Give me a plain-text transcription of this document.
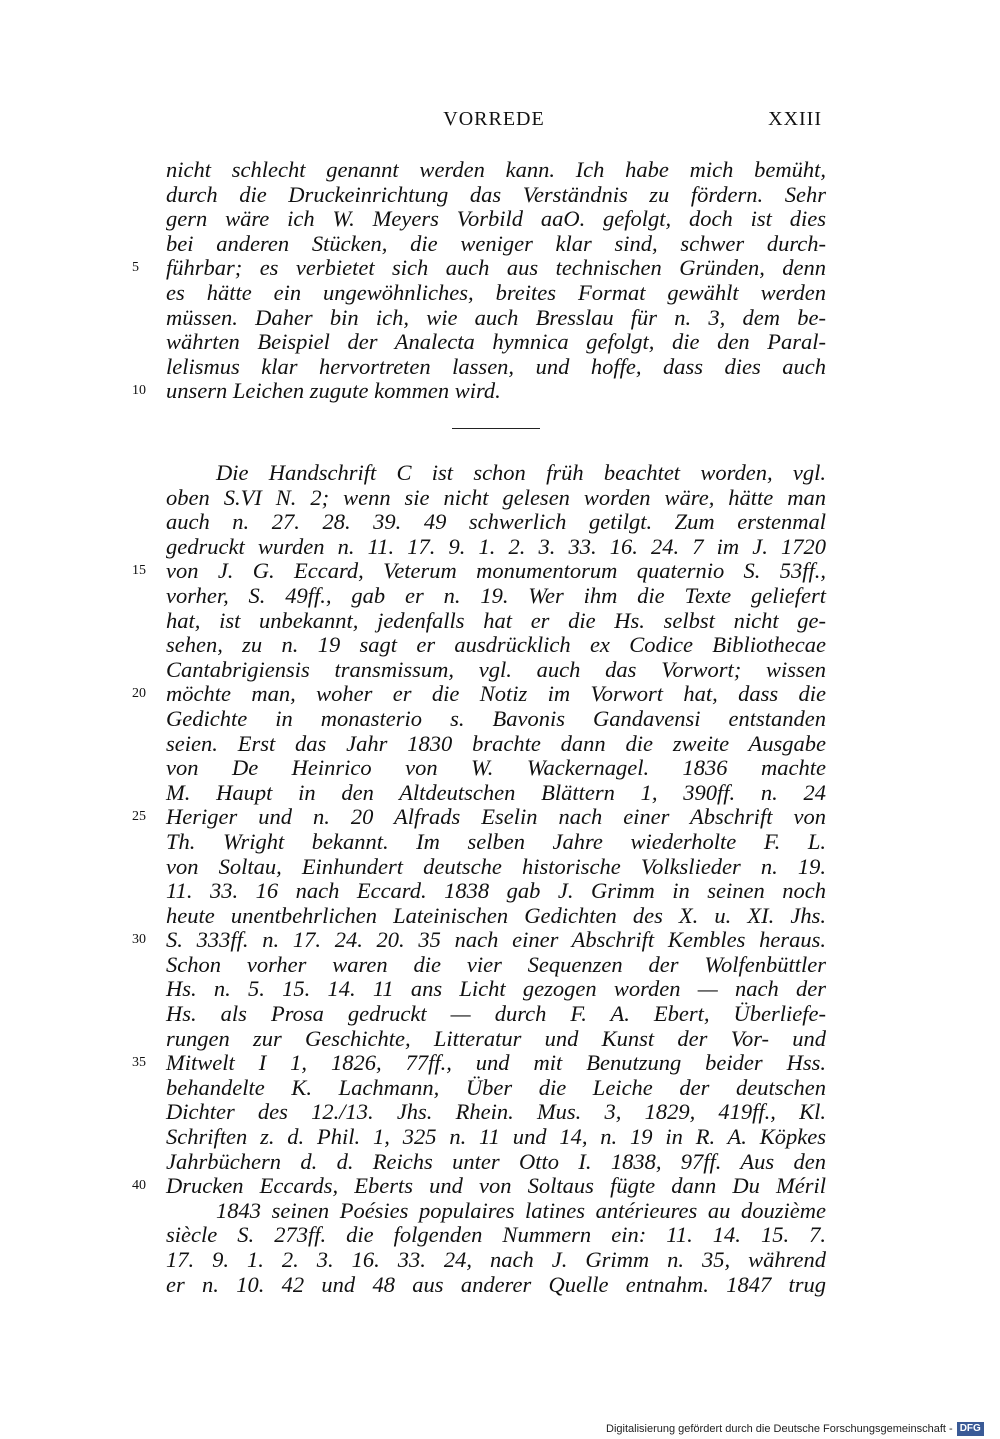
VORREDE	XXIII
nicht schlecht genannt werden kann. Ich habe mich bemüht,
durch die Druckeinrichtung das Verständnis zu fördern. Sehr
gern wäre ich W. Meyers Vorbild aaO. gefolgt, doch ist dies
bei anderen Stücken, die weniger klar sind, schwer durch-
führbar; es verbietet sich auch aus technischen Gründen, denn
5
es hätte ein ungewöhnliches, breites Format gewählt werden
müssen. Daher bin ich, wie auch Bresslau für n. 3, dem be-
währten Beispiel der Analecta hymnica gefolgt, die den Paral-
lelismus klar hervortreten lassen, und hoffe, dass dies auch
unsern Leichen zugute kommen wird.
10
Die Handschrift C ist schon früh beachtet worden, vgl.
oben S.VI N. 2; wenn sie nicht gelesen worden wäre, hätte man
auch n. 27. 28. 39. 49 schwerlich getilgt. Zum erstenmal
gedruckt wurden n. 11. 17. 9. 1. 2. 3. 33. 16. 24. 7 im J. 1720
von J. G. Eccard, Veterum monumentorum quaternio S. 53ff.,
15
vorher, S. 49ff., gab er n. 19. Wer ihm die Texte geliefert
hat, ist unbekannt, jedenfalls hat er die Hs. selbst nicht ge-
sehen, zu n. 19 sagt er ausdrücklich ex Codice Bibliothecae
Cantabrigiensis transmissum, vgl. auch das Vorwort; wissen
möchte man, woher er die Notiz im Vorwort hat, dass die
20
Gedichte in monasterio s. Bavonis Gandavensi entstanden
seien. Erst das Jahr 1830 brachte dann die zweite Ausgabe
von De Heinrico von W. Wackernagel. 1836 machte
M. Haupt in den Altdeutschen Blättern 1, 390ff. n. 24
Heriger und n. 20 Alfrads Eselin nach einer Abschrift von
25
Th. Wright bekannt. Im selben Jahre wiederholte F. L.
von Soltau, Einhundert deutsche historische Volkslieder n. 19.
11. 33. 16 nach Eccard. 1838 gab J. Grimm in seinen noch
heute unentbehrlichen Lateinischen Gedichten des X. u. XI. Jhs.
S. 333ff. n. 17. 24. 20. 35 nach einer Abschrift Kembles heraus.
30
Schon vorher waren die vier Sequenzen der Wolfenbüttler
Hs. n. 5. 15. 14. 11 ans Licht gezogen worden — nach der
Hs. als Prosa gedruckt — durch F. A. Ebert, Überliefe-
rungen zur Geschichte, Litteratur und Kunst der Vor- und
Mitwelt I 1, 1826, 77ff., und mit Benutzung beider Hss.
35
behandelte K. Lachmann, Über die Leiche der deutschen
Dichter des 12./13. Jhs. Rhein. Mus. 3, 1829, 419ff., Kl.
Schriften z. d. Phil. 1, 325 n. 11 und 14, n. 19 in R. A. Köpkes
Jahrbüchern d. d. Reichs unter Otto I. 1838, 97ff. Aus den
Drucken Eccards, Eberts und von Soltaus fügte dann Du Méril
40
1843 seinen Poésies populaires latines antérieures au douzième
siècle S. 273ff. die folgenden Nummern ein: 11. 14. 15. 7.
17. 9. 1. 2. 3. 16. 33. 24, nach J. Grimm n. 35, während
er n. 10. 42 und 48 aus anderer Quelle entnahm. 1847 trug
Digitalisierung gefördert durch die Deutsche Forschungsgemeinschaft - DFG
